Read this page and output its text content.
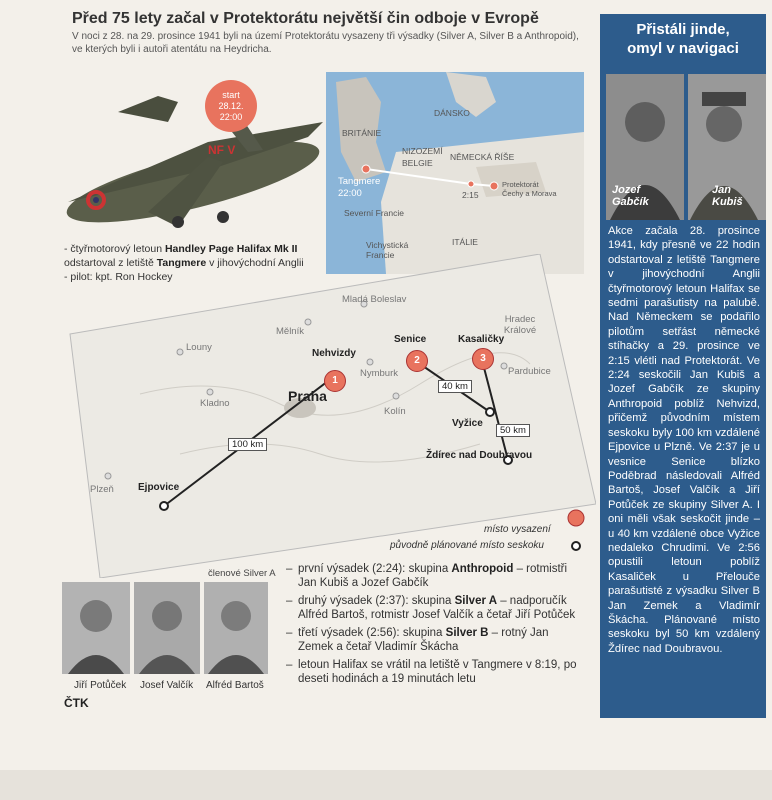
Před 75 lety začal v Protektorátu největší čin odboje v Evropě
V noci z 28. na 29. prosince 1941 byli na území Protektorátu vysazeny tři výsadky (Silver A, Silver B a Anthropoid), ve kterých byli i autoři atentátu na Heydricha.
NF V
start
28.12.
22:00
- čtyřmotorový letoun Handley Page Halifax Mk II odstartoval z letiště Tangmere v jihovýchodní Anglii
- pilot: kpt. Ron Hockey
BRITÁNIE
DÁNSKO
NIZOZEMÍ
BELGIE
NĚMECKÁ ŘÍŠE
Severní Francie
Vichystická Francie
ITÁLIE
Tangmere
22:00	2:15
Protektorát Čechy a Morava
Mladá Boleslav
Hradec Králové
Mělník
Louny
Nymburk
Kladno
Pardubice
Kolín
Plzeň
Nehvizdy
Praha
Senice	Kasaličky
Vyžice
Ždírec nad Doubravou
Ejpovice
1
2	3
100 km
40 km
50 km
místo vysazení
původně plánované místo seskoku
členové Silver A
Jiří Potůček Josef Valčík Alfréd Bartoš
ČTK
– první výsadek (2:24): skupina Anthropoid – rotmistři Jan Kubiš a Jozef Gabčík
– druhý výsadek (2:37): skupina Silver A – nadporučík Alfréd Bartoš, rotmistr Josef Valčík a četař Jiří Potůček
– třetí výsadek (2:56): skupina Silver B – rotný Jan Zemek a četař Vladimír Škácha
– letoun Halifax se vrátil na letiště v Tangmere v 8:19, po deseti hodinách a 19 minutách letu
Přistáli jinde,
omyl v navigaci
Jozef
Gabčík
Jan
Kubiš
Akce začala 28. prosince 1941, kdy přesně ve 22 hodin odstartoval z letiště Tangmere v jihovýchodní Anglii čtyřmotorový letoun Halifax se sedmi parašutisty na palubě. Nad Německem se podařilo pilotům setřást německé stíhačky a 29. prosince ve 2:15 vlétli nad Protektorát. Ve 2:24 seskočili Jan Kubiš a Jozef Gabčík ze skupiny Anthropoid poblíž Nehvizd, přičemž původním místem seskoku byly 100 km vzdálené Ejpovice u Plzně. Ve 2:37 je u vesnice Senice blízko Poděbrad následovali Alfréd Bartoš, Josef Valčík a Jiří Potůček ze skupiny Silver A. I oni měli však seskočit jinde – u 40 km vzdálené obce Vyžice nedaleko Chrudimi. Ve 2:56 opustili letoun poblíž Kasaliček u Přelouče parašutisté z výsadku Silver B Jan Zemek a Vladimír Škácha. Plánované místo seskoku byl 50 km vzdálený Ždírec nad Doubravou.
